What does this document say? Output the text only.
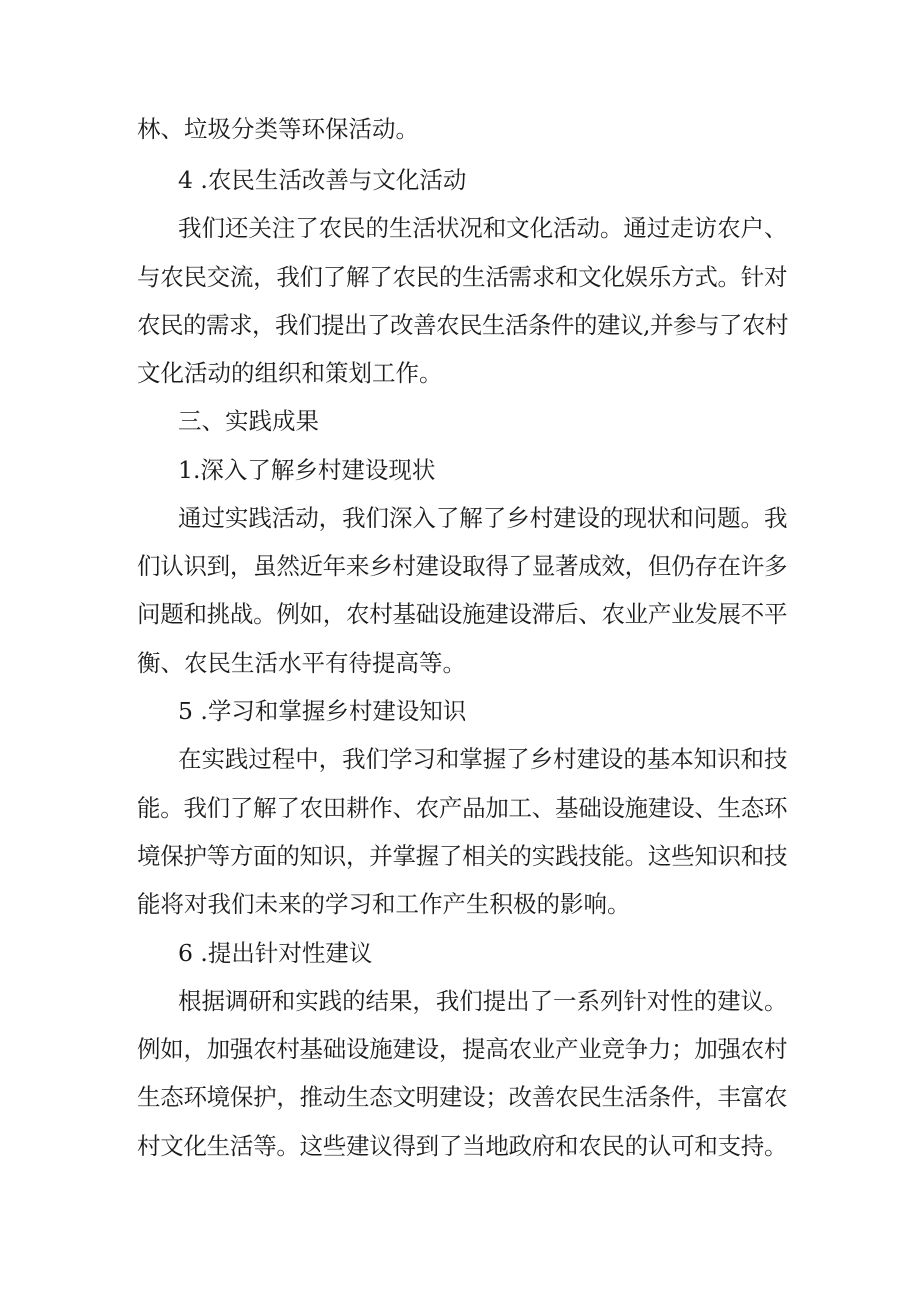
林、垃圾分类等环保活动。

4 .农民生活改善与文化活动

我们还关注了农民的生活状况和文化活动。通过走访农户、

与农民交流，我们了解了农民的生活需求和文化娱乐方式。针对

农民的需求，我们提出了改善农民生活条件的建议,并参与了农村

文化活动的组织和策划工作。

三、实践成果

1.深入了解乡村建设现状

通过实践活动，我们深入了解了乡村建设的现状和问题。我

们认识到，虽然近年来乡村建设取得了显著成效，但仍存在许多

问题和挑战。例如，农村基础设施建设滞后、农业产业发展不平

衡、农民生活水平有待提高等。

5 .学习和掌握乡村建设知识

在实践过程中，我们学习和掌握了乡村建设的基本知识和技

能。我们了解了农田耕作、农产品加工、基础设施建设、生态环

境保护等方面的知识，并掌握了相关的实践技能。这些知识和技

能将对我们未来的学习和工作产生积极的影响。

6 .提出针对性建议

根据调研和实践的结果，我们提出了一系列针对性的建议。

例如，加强农村基础设施建设，提高农业产业竞争力；加强农村

生态环境保护，推动生态文明建设；改善农民生活条件，丰富农

村文化生活等。这些建议得到了当地政府和农民的认可和支持。
